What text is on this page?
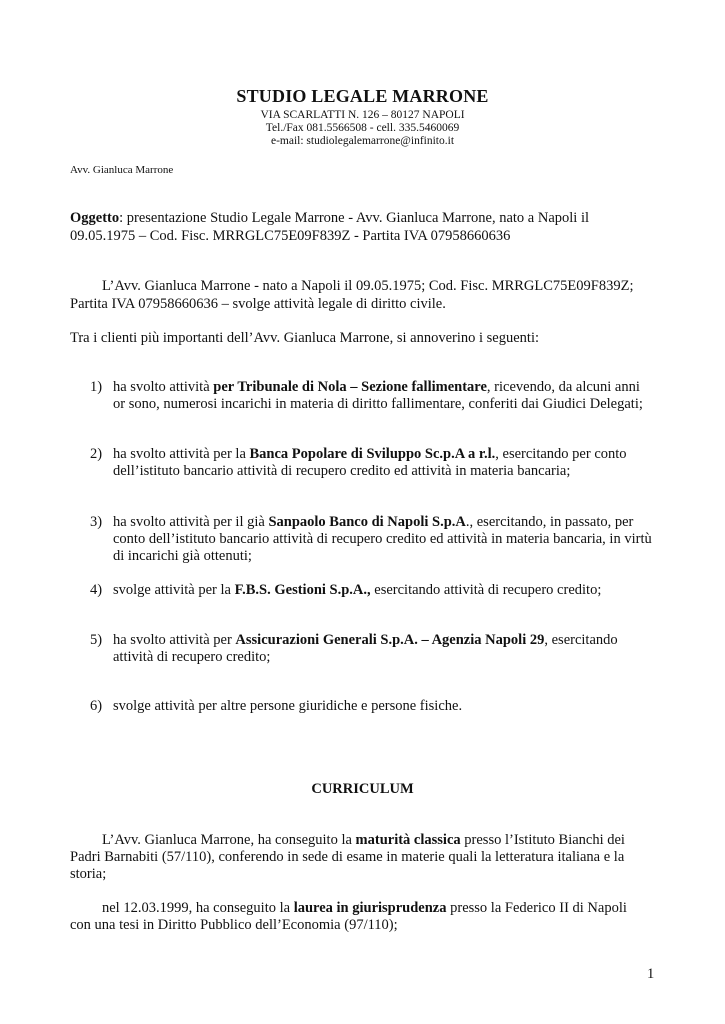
STUDIO LEGALE MARRONE
VIA SCARLATTI N. 126 – 80127 NAPOLI
Tel./Fax 081.5566508 - cell. 335.5460069
e-mail: studiolegalemarrone@infinito.it
Avv. Gianluca Marrone
Oggetto: presentazione Studio Legale Marrone - Avv. Gianluca Marrone, nato a Napoli il
09.05.1975 – Cod. Fisc. MRRGLC75E09F839Z - Partita IVA 07958660636
L’Avv. Gianluca Marrone - nato a Napoli il 09.05.1975; Cod. Fisc. MRRGLC75E09F839Z;
Partita IVA 07958660636 – svolge attività legale di diritto civile.
Tra i clienti più importanti dell’Avv. Gianluca Marrone, si annoverino i seguenti:
1) ha svolto attività per Tribunale di Nola – Sezione fallimentare, ricevendo, da alcuni anni
or sono, numerosi incarichi in materia di diritto fallimentare, conferiti dai Giudici Delegati;
2) ha svolto attività per la Banca Popolare di Sviluppo Sc.p.A a r.l., esercitando per conto
dell’istituto bancario attività di recupero credito ed attività in materia bancaria;
3) ha svolto attività per il già Sanpaolo Banco di Napoli S.p.A., esercitando, in passato, per
conto dell’istituto bancario attività di recupero credito ed attività in materia bancaria, in virtù
di incarichi già ottenuti;
4) svolge attività per la F.B.S. Gestioni S.p.A., esercitando attività di recupero credito;
5) ha svolto attività per Assicurazioni Generali S.p.A. – Agenzia Napoli 29, esercitando
attività di recupero credito;
6) svolge attività per altre persone giuridiche e persone fisiche.
CURRICULUM
L’Avv. Gianluca Marrone, ha conseguito la maturità classica presso l’Istituto Bianchi dei
Padri Barnabiti (57/110), conferendo in sede di esame in materie quali la letteratura italiana e la
storia;
nel 12.03.1999, ha conseguito la laurea in giurisprudenza presso la Federico II di Napoli
con una tesi in Diritto Pubblico dell’Economia (97/110);
1
